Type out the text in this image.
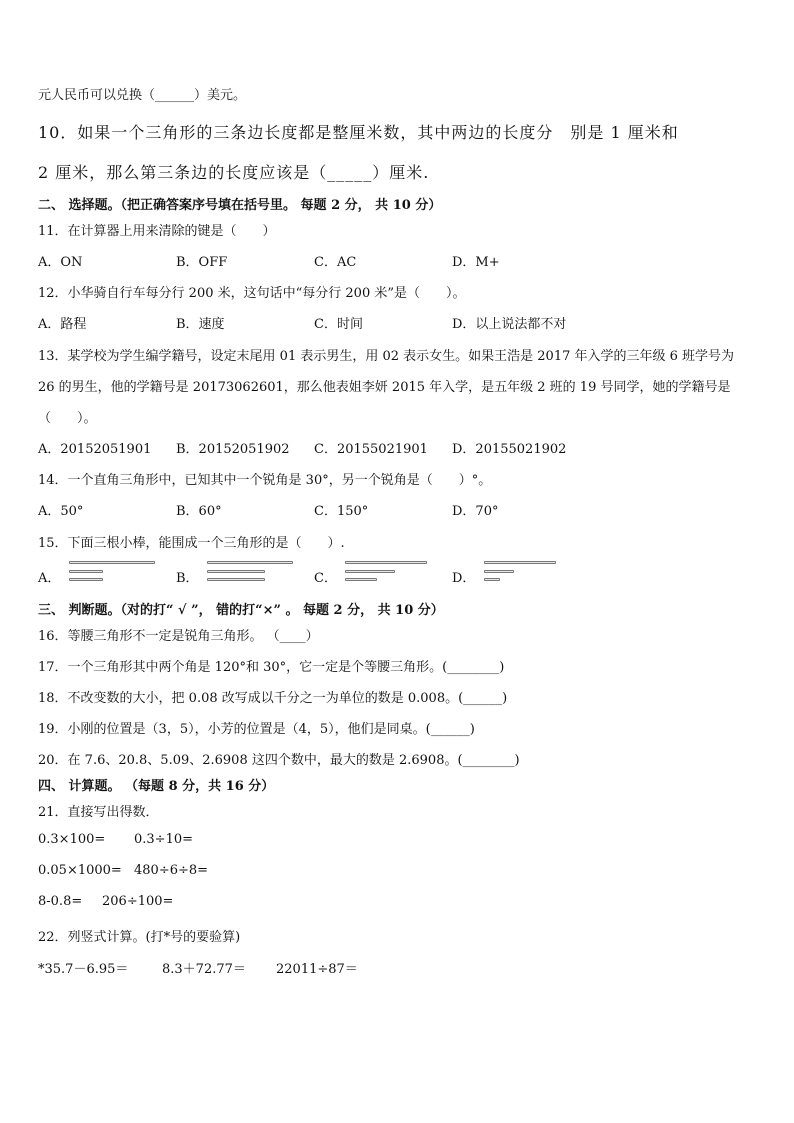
元人民币可以兑换（______）美元。
10．如果一个三角形的三条边长度都是整厘米数，其中两边的长度分　别是 1 厘米和
2 厘米，那么第三条边的长度应该是（_____）厘米.
二、 选择题。（把正确答案序号填在括号里。 每题 2 分， 共 10 分）
11．在计算器上用来清除的键是（　　）
A．ON	B．OFF	C．AC	D．M+
12．小华骑自行车每分行 200 米，这句话中“每分行 200 米”是（　　）。
A．路程	B．速度	C．时间	D．以上说法都不对
13．某学校为学生编学籍号，设定末尾用 01 表示男生，用 02 表示女生。如果王浩是 2017 年入学的三年级 6 班学号为
26 的男生，他的学籍号是 20173062601，那么他表姐李妍 2015 年入学，是五年级 2 班的 19 号同学，她的学籍号是
（　　）。
A．20152051901 B．20152051902 C．20155021901 D．20155021902
14．一个直角三角形中，已知其中一个锐角是 30°，另一个锐角是（　　）°。
A．50°	B．60°	C．150°	D．70°
15．下面三根小棒，能围成一个三角形的是（　　）.
A．	B．	C．	D．
三、 判断题。（对的打“ √ ”， 错的打“×” 。 每题 2 分， 共 10 分）
16．等腰三角形不一定是锐角三角形。 （____）
17．一个三角形其中两个角是 120°和 30°，它一定是个等腰三角形。(________)
18．不改变数的大小，把 0.08 改写成以千分之一为单位的数是 0.008。(______)
19．小刚的位置是（3，5），小芳的位置是（4，5），他们是同桌。(______)
20．在 7.6、20.8、5.09、2.6908 这四个数中，最大的数是 2.6908。(________)
四、 计算题。 （每题 8 分，共 16 分）
21．直接写出得数．
0.3×100= 0.3÷10=
0.05×1000= 480÷6÷8=
8-0.8= 206÷100=
22．列竖式计算。(打*号的要验算)
*35.7－6.95＝	8.3＋72.77＝ 22011÷87＝
